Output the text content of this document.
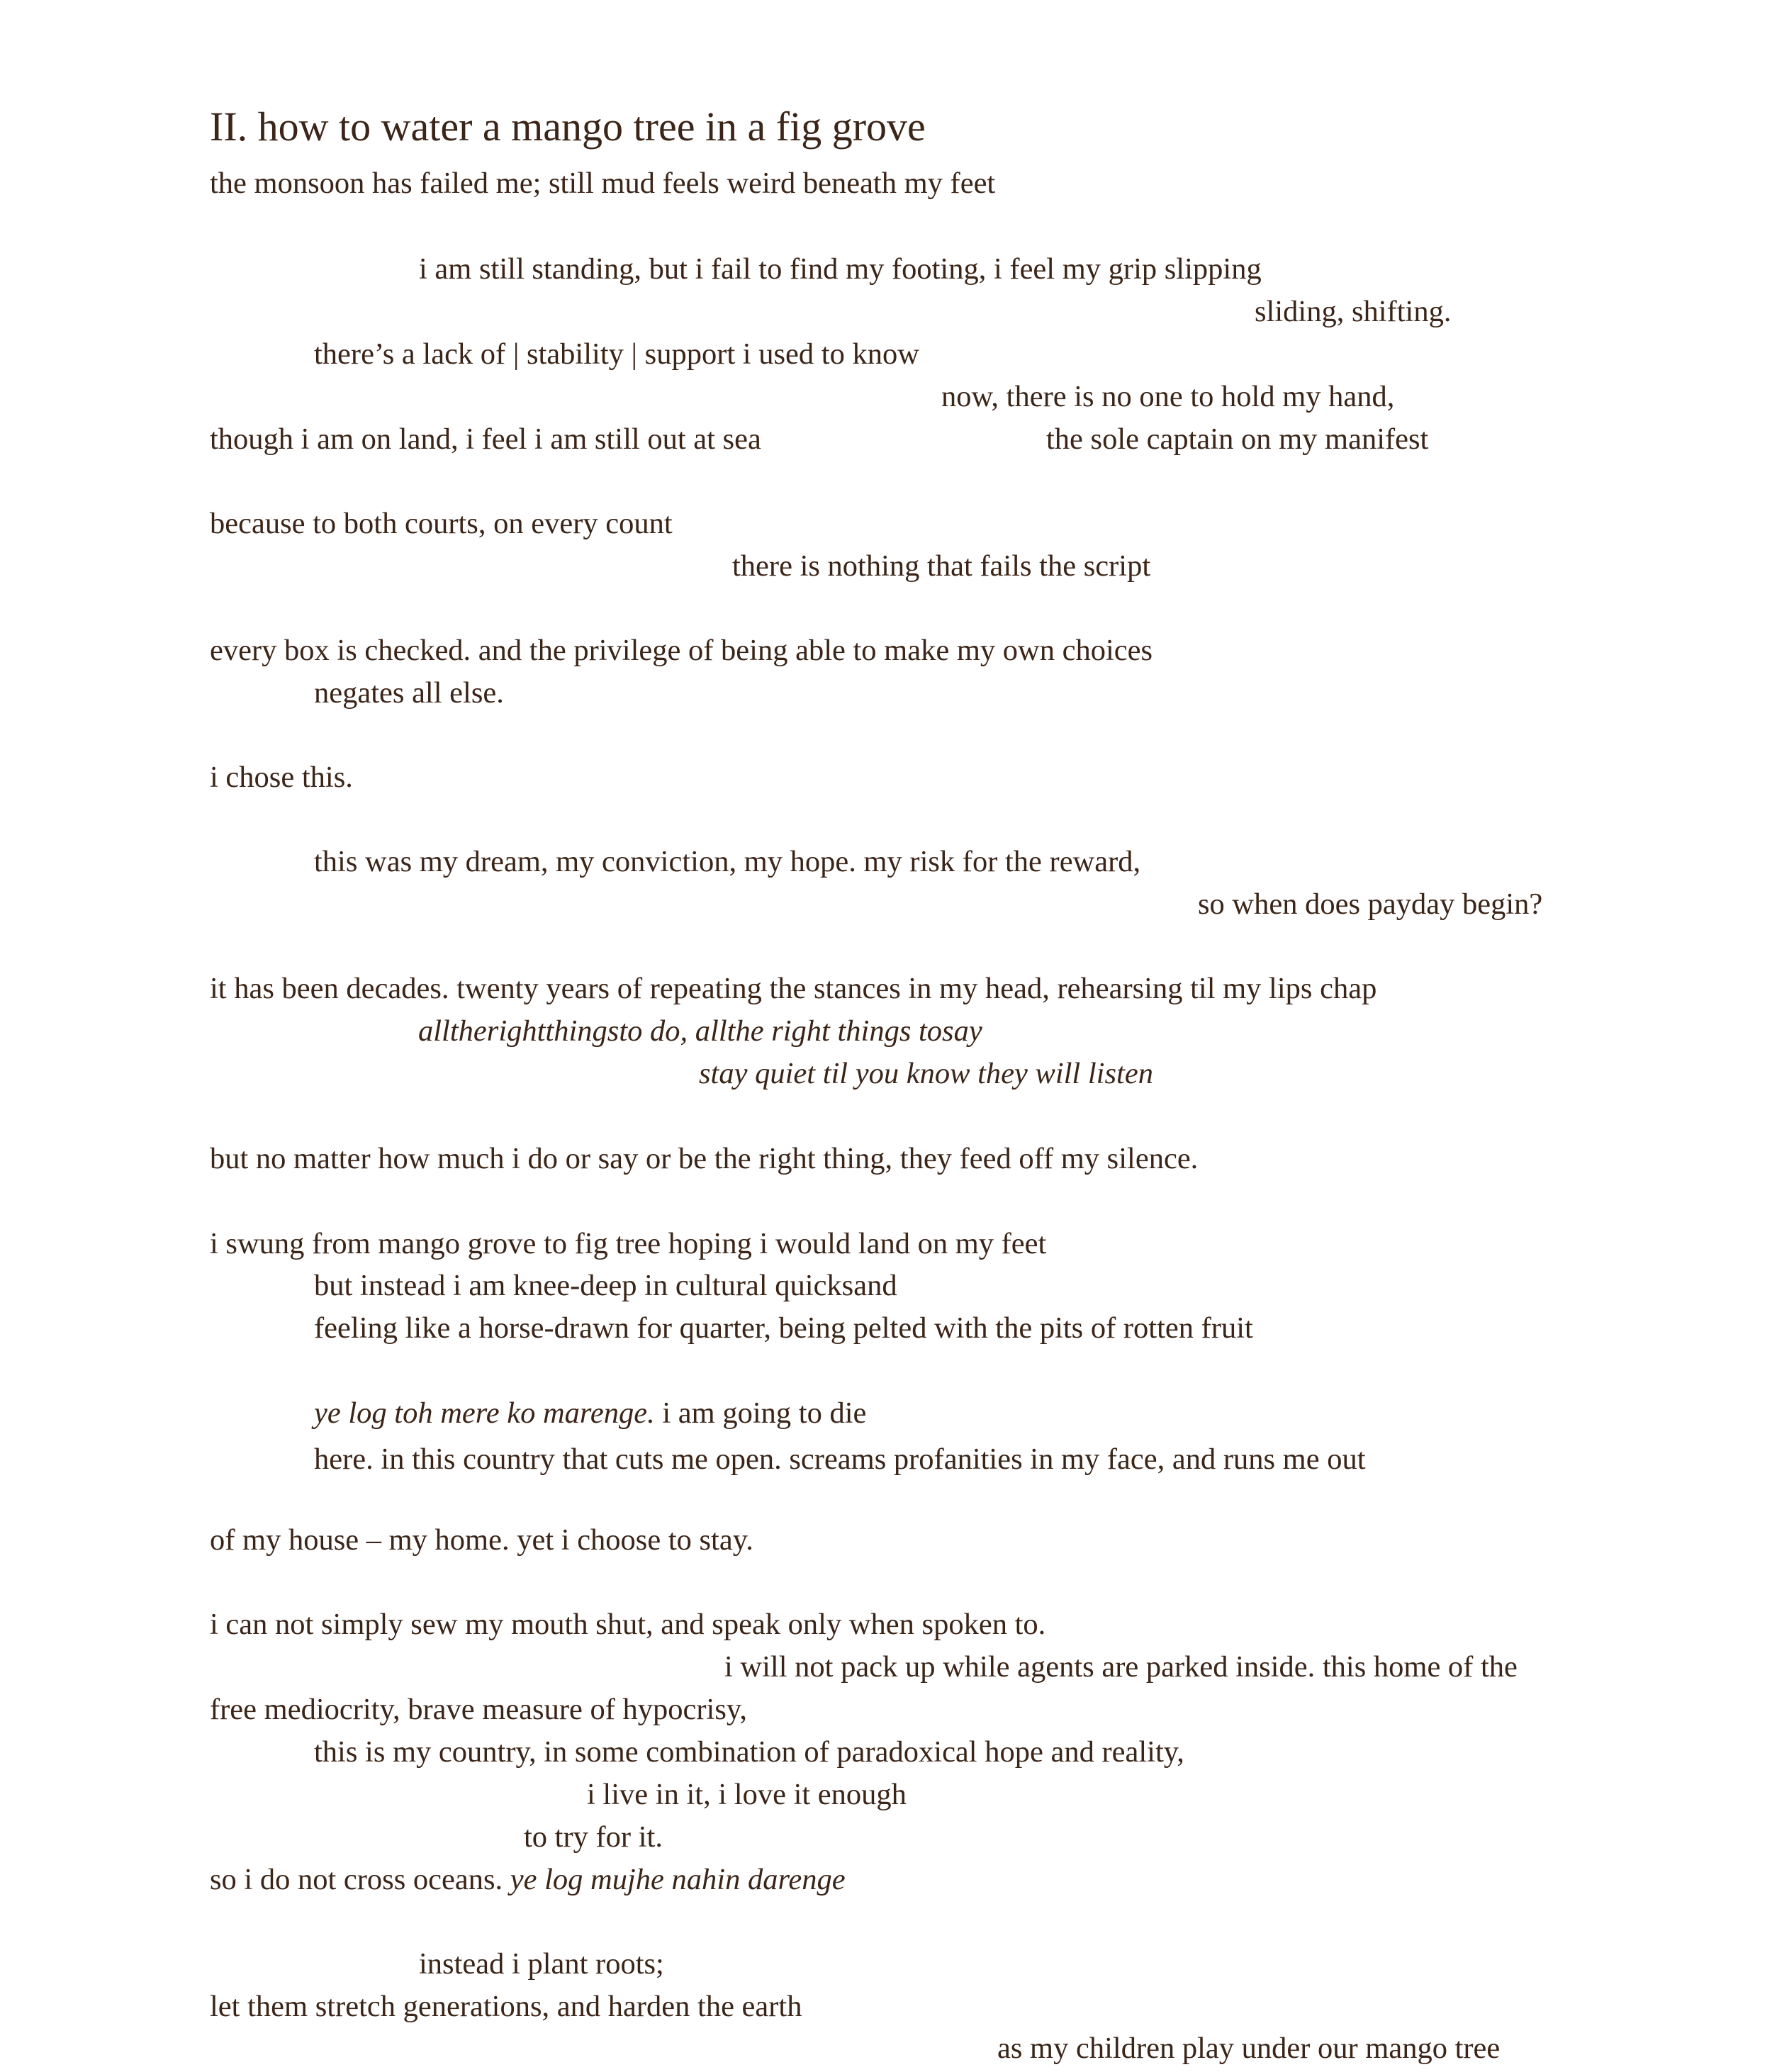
II. how to water a mango tree in a fig grove
the monsoon has failed me; still mud feels weird beneath my feet
i am still standing, but i fail to find my footing, i feel my grip slipping
sliding, shifting.
there’s a lack of | stability | support i used to know
now, there is no one to hold my hand,
though i am on land, i feel i am still out at sea	the sole captain on my manifest
because to both courts, on every count
there is nothing that fails the script
every box is checked. and the privilege of being able to make my own choices
negates all else.
i chose this.
this was my dream, my conviction, my hope. my risk for the reward,
so when does payday begin?
it has been decades. twenty years of repeating the stances in my head, rehearsing til my lips chap
alltherightthingsto do, allthe right things tosay
stay quiet til you know they will listen
but no matter how much i do or say or be the right thing, they feed off my silence.
i swung from mango grove to fig tree hoping i would land on my feet
but instead i am knee-deep in cultural quicksand
feeling like a horse-drawn for quarter, being pelted with the pits of rotten fruit
ye log toh mere ko marenge. i am going to die
here. in this country that cuts me open. screams profanities in my face, and runs me out
of my house – my home. yet i choose to stay.
i can not simply sew my mouth shut, and speak only when spoken to.
i will not pack up while agents are parked inside. this home of the
free mediocrity, brave measure of hypocrisy,
this is my country, in some combination of paradoxical hope and reality,
i live in it, i love it enough
to try for it.
so i do not cross oceans. ye log mujhe nahin darenge
instead i plant roots;
let them stretch generations, and harden the earth
as my children play under our mango tree
